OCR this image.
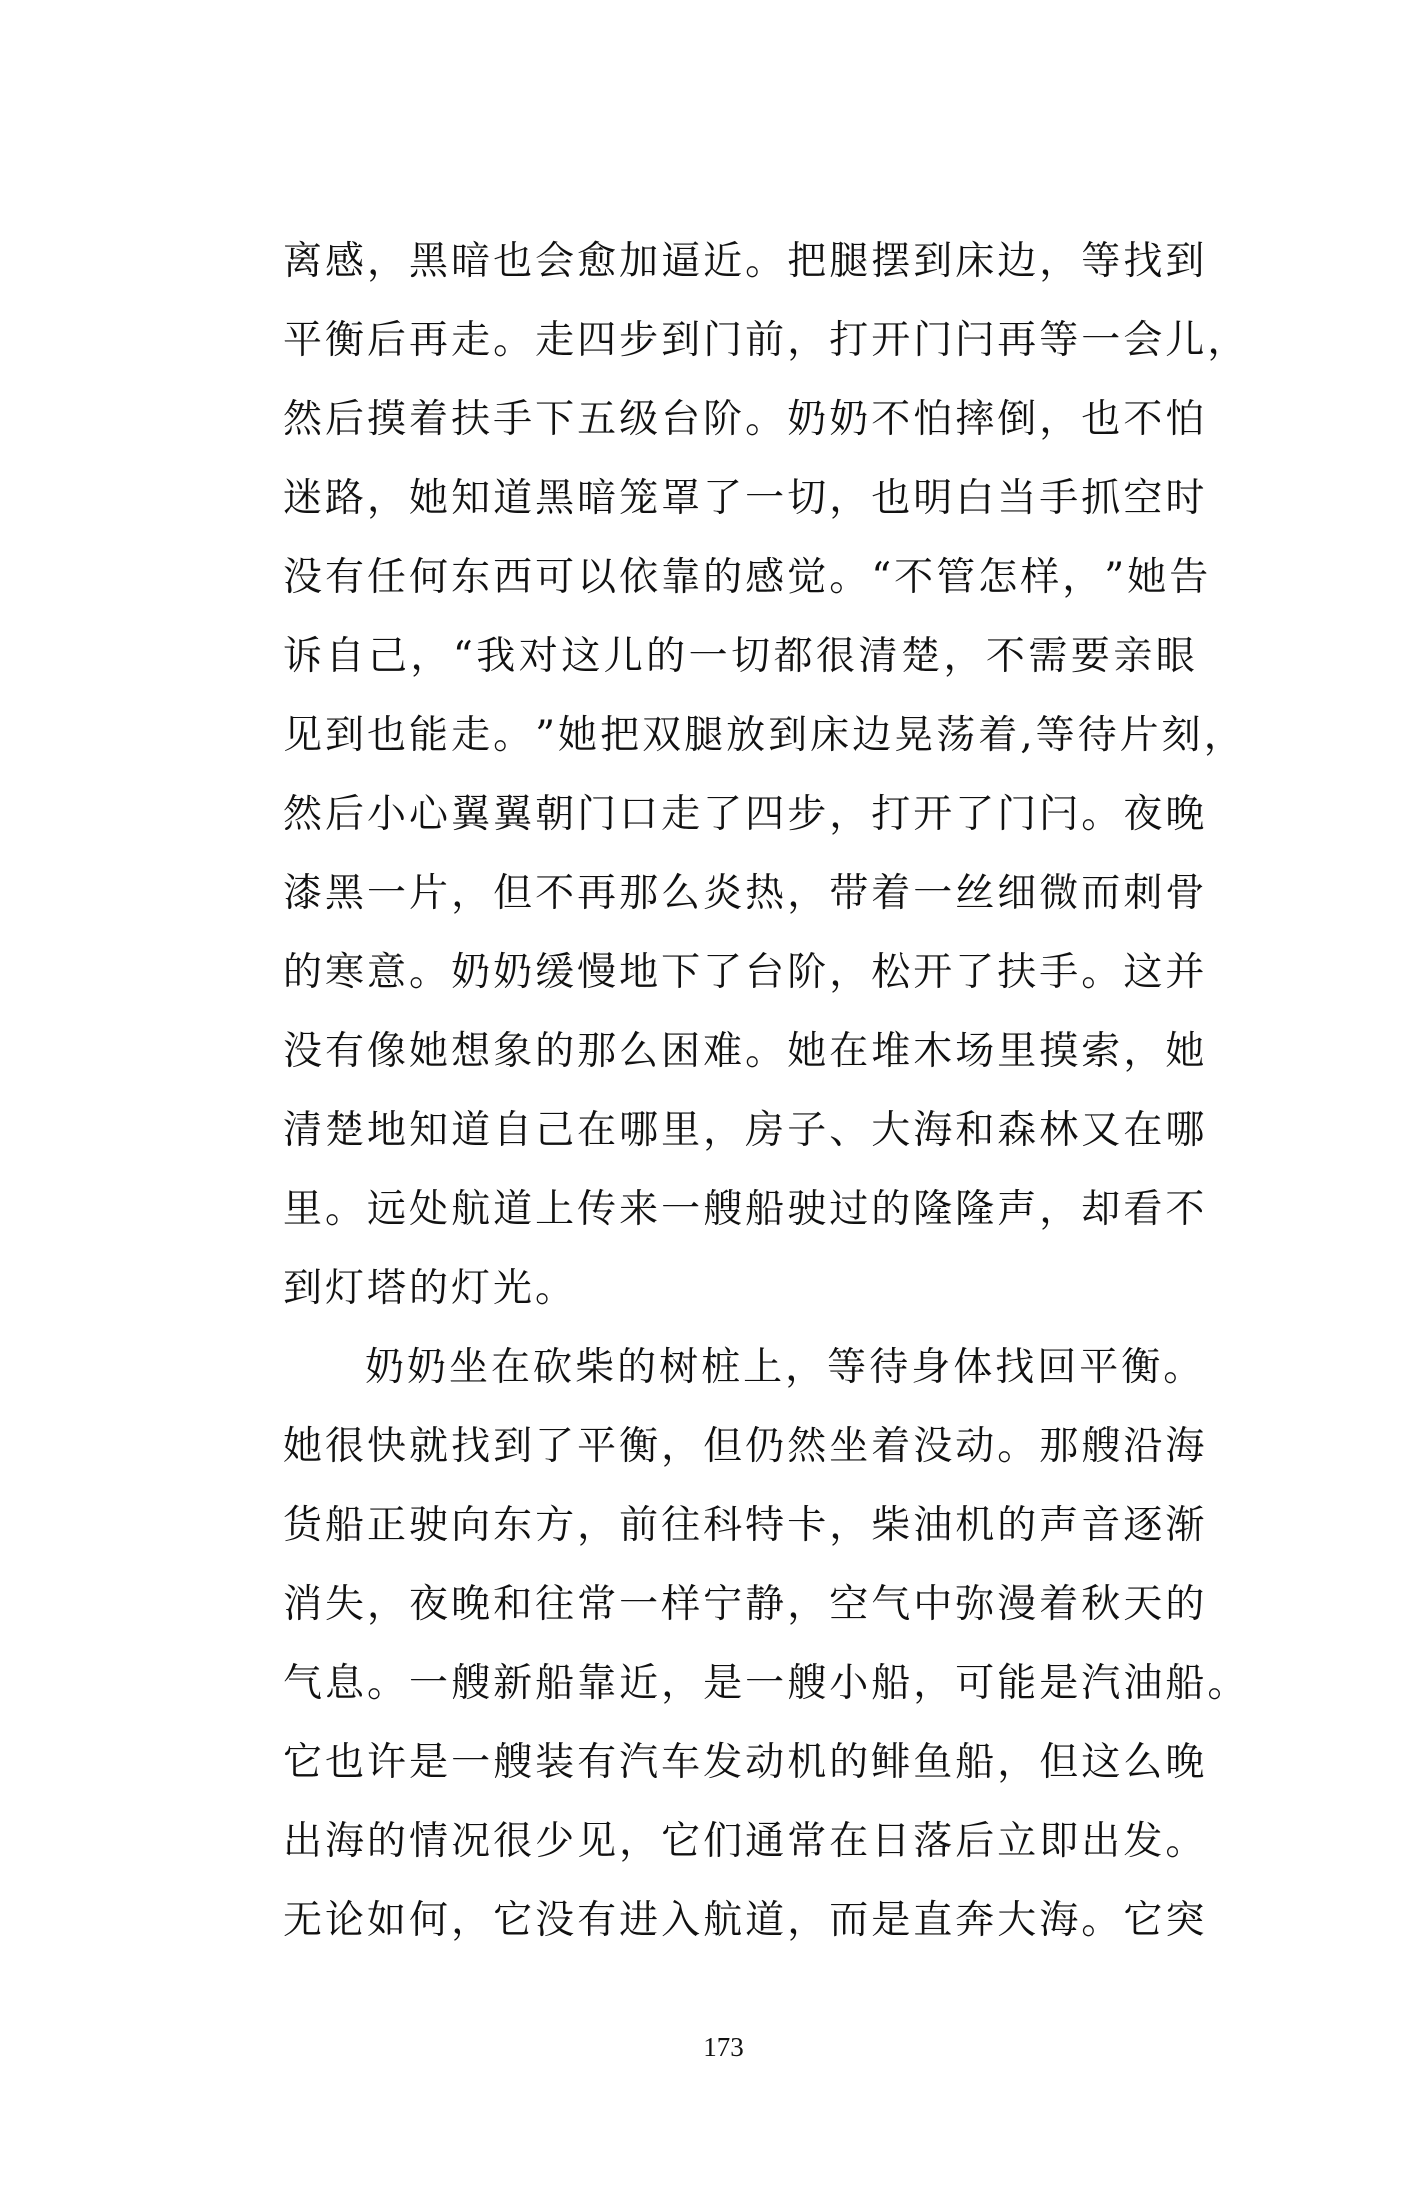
离 感 ， 黑 暗 也 会 愈 加 逼 近 。 把 腿 摆 到 床 边 ， 等 找 到
平 衡 后 再 走 。 走 四 步 到 门 前 ， 打 开 门 闩 再 等 一 会 儿 ，
然 后 摸 着 扶 手 下 五 级 台 阶 。 奶 奶 不 怕 摔 倒 ， 也 不 怕
迷 路 ， 她 知 道 黑 暗 笼 罩 了 一 切 ， 也 明 白 当 手 抓 空 时
没 有 任 何 东 西 可 以 依 靠 的 感 觉 。 “ 不 管 怎 样 ， ” 她 告
诉 自 己 ， “ 我 对 这 儿 的 一 切 都 很 清 楚 ， 不 需 要 亲 眼
见 到 也 能 走 。 ” 她 把 双 腿 放 到 床 边 晃 荡 着 , 等 待 片 刻 ，
然 后 小 心 翼 翼 朝 门 口 走 了 四 步 ， 打 开 了 门 闩 。 夜 晚
漆 黑 一 片 ， 但 不 再 那 么 炎 热 ， 带 着 一 丝 细 微 而 刺 骨
的 寒 意 。 奶 奶 缓 慢 地 下 了 台 阶 ， 松 开 了 扶 手 。 这 并
没 有 像 她 想 象 的 那 么 困 难 。 她 在 堆 木 场 里 摸 索 ， 她
清 楚 地 知 道 自 己 在 哪 里 ， 房 子 、 大 海 和 森 林 又 在 哪
里 。 远 处 航 道 上 传 来 一 艘 船 驶 过 的 隆 隆 声 ， 却 看 不
到灯塔的灯光。
奶 奶 坐 在 砍 柴 的 树 桩 上 ， 等 待 身 体 找 回 平 衡 。
她 很 快 就 找 到 了 平 衡 ， 但 仍 然 坐 着 没 动 。 那 艘 沿 海
货 船 正 驶 向 东 方 ， 前 往 科 特 卡 ， 柴 油 机 的 声 音 逐 渐
消 失 ， 夜 晚 和 往 常 一 样 宁 静 ， 空 气 中 弥 漫 着 秋 天 的
气 息 。 一 艘 新 船 靠 近 ， 是 一 艘 小 船 ， 可 能 是 汽 油 船 。
它 也 许 是 一 艘 装 有 汽 车 发 动 机 的 鲱 鱼 船 ， 但 这 么 晚
出 海 的 情 况 很 少 见 ， 它 们 通 常 在 日 落 后 立 即 出 发 。
无 论 如 何 ， 它 没 有 进 入 航 道 ， 而 是 直 奔 大 海 。 它 突
173
